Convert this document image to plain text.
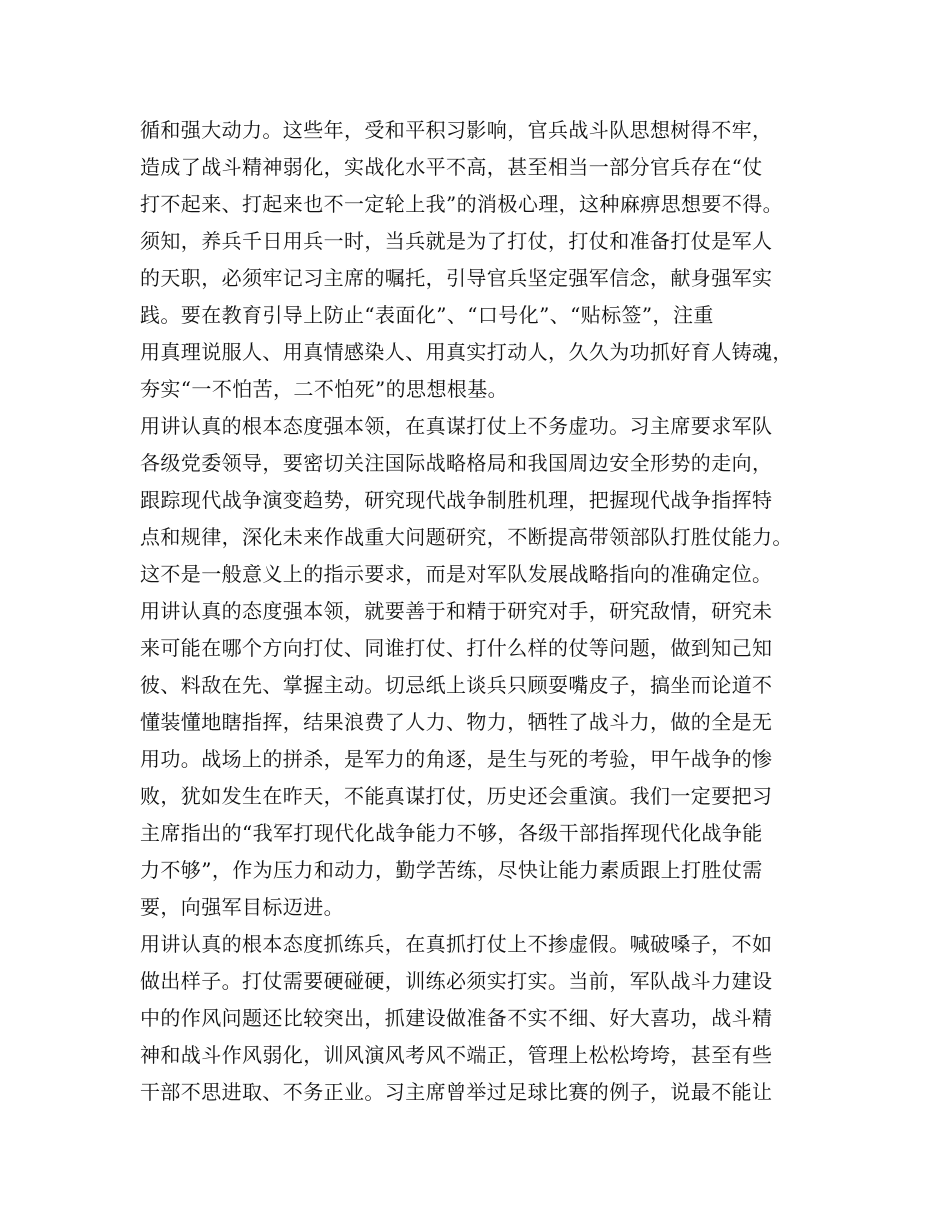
循和强大动力。这些年，受和平积习影响，官兵战斗队思想树得不牢，
造成了战斗精神弱化，实战化水平不高，甚至相当一部分官兵存在“仗
打不起来、打起来也不一定轮上我”的消极心理，这种麻痹思想要不得。
须知，养兵千日用兵一时，当兵就是为了打仗，打仗和准备打仗是军人
的天职，必须牢记习主席的嘱托，引导官兵坚定强军信念，献身强军实
践。要在教育引导上防止“表面化”、“口号化”、“贴标签”，注重
用真理说服人、用真情感染人、用真实打动人，久久为功抓好育人铸魂，
夯实“一不怕苦，二不怕死”的思想根基。
用讲认真的根本态度强本领，在真谋打仗上不务虚功。习主席要求军队
各级党委领导，要密切关注国际战略格局和我国周边安全形势的走向，
跟踪现代战争演变趋势，研究现代战争制胜机理，把握现代战争指挥特
点和规律，深化未来作战重大问题研究，不断提高带领部队打胜仗能力。
这不是一般意义上的指示要求，而是对军队发展战略指向的准确定位。
用讲认真的态度强本领，就要善于和精于研究对手，研究敌情，研究未
来可能在哪个方向打仗、同谁打仗、打什么样的仗等问题，做到知己知
彼、料敌在先、掌握主动。切忌纸上谈兵只顾耍嘴皮子，搞坐而论道不
懂装懂地瞎指挥，结果浪费了人力、物力，牺牲了战斗力，做的全是无
用功。战场上的拼杀，是军力的角逐，是生与死的考验，甲午战争的惨
败，犹如发生在昨天，不能真谋打仗，历史还会重演。我们一定要把习
主席指出的“我军打现代化战争能力不够，各级干部指挥现代化战争能
力不够”，作为压力和动力，勤学苦练，尽快让能力素质跟上打胜仗需
要，向强军目标迈进。
用讲认真的根本态度抓练兵，在真抓打仗上不掺虚假。喊破嗓子，不如
做出样子。打仗需要硬碰硬，训练必须实打实。当前，军队战斗力建设
中的作风问题还比较突出，抓建设做准备不实不细、好大喜功，战斗精
神和战斗作风弱化，训风演风考风不端正，管理上松松垮垮，甚至有些
干部不思进取、不务正业。习主席曾举过足球比赛的例子，说最不能让
